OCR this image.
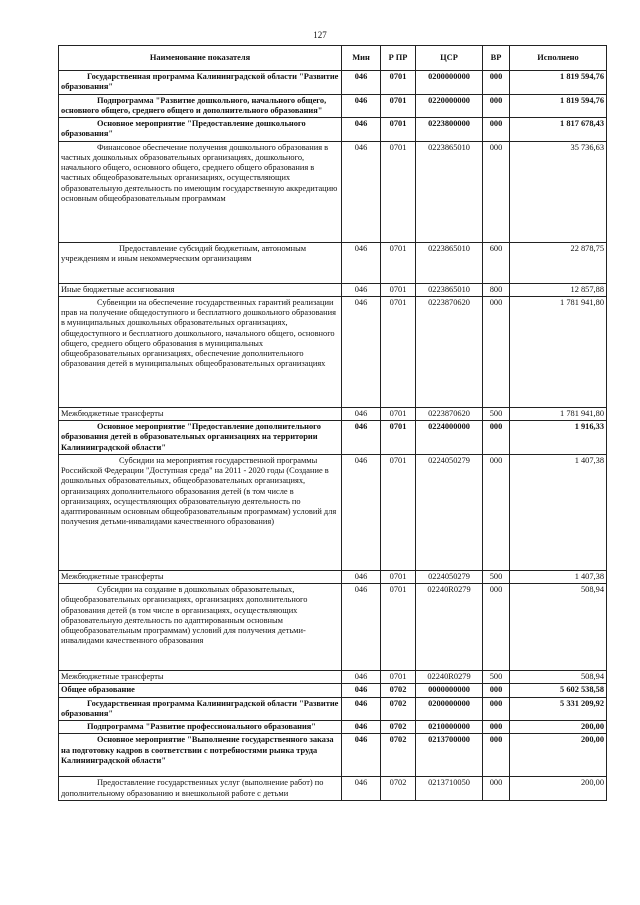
127
Наименование показателя	Мин	Р ПР	ЦСР	ВР	Исполнено
Государственная программа Калининградской области "Развитие образования"	046	0701	0200000000	000	1 819 594,76
Подпрограмма "Развитие дошкольного, начального общего, основного общего, среднего общего и дополнительного образования"	046	0701	0220000000	000	1 819 594,76
Основное мероприятие "Предоставление дошкольного образования"	046	0701	0223800000	000	1 817 678,43
Финансовое обеспечение получения дошкольного образования в частных дошкольных образовательных организациях, дошкольного, начального общего, основного общего, среднего общего образования в частных общеобразовательных организациях, осуществляющих образовательную деятельность по имеющим государственную аккредитацию основным общеобразовательным программам	046	0701	0223865010	000	35 736,63
Предоставление субсидий бюджетным, автономным учреждениям и иным некоммерческим организациям	046	0701	0223865010	600	22 878,75
Иные бюджетные ассигнования	046	0701	0223865010	800	12 857,88
Субвенции на обеспечение государственных гарантий реализации прав на получение общедоступного и бесплатного дошкольного образования в муниципальных дошкольных образовательных организациях, общедоступного и бесплатного дошкольного, начального общего, основного общего, среднего общего образования в муниципальных общеобразовательных организациях, обеспечение дополнительного образования детей в муниципальных общеобразовательных организациях	046	0701	0223870620	000	1 781 941,80
Межбюджетные трансферты	046	0701	0223870620	500	1 781 941,80
Основное мероприятие "Предоставление дополнительного образования детей в образовательных организациях на территории Калининградской области"	046	0701	0224000000	000	1 916,33
Субсидии на мероприятия государственной программы Российской Федерации "Доступная среда" на 2011 - 2020 годы (Создание в дошкольных образовательных, общеобразовательных организациях, организациях дополнительного образования детей (в том числе в организациях, осуществляющих образовательную деятельность по адаптированным основным общеобразовательным программам) условий для получения детьми-инвалидами качественного образования)	046	0701	0224050279	000	1 407,38
Межбюджетные трансферты	046	0701	0224050279	500	1 407,38
Субсидии на создание в дошкольных образовательных, общеобразовательных организациях, организациях дополнительного образования детей (в том числе в организациях, осуществляющих образовательную деятельность по адаптированным основным общеобразовательным программам) условий для получения детьми-инвалидами качественного образования	046	0701	02240R0279	000	508,94
Межбюджетные трансферты	046	0701	02240R0279	500	508,94
Общее образование	046	0702	0000000000	000	5 602 538,58
Государственная программа Калининградской области "Развитие образования"	046	0702	0200000000	000	5 331 209,92
Подпрограмма "Развитие профессионального образования"	046	0702	0210000000	000	200,00
Основное мероприятие "Выполнение государственного заказа на подготовку кадров в соответствии с потребностями рынка труда Калининградской области"	046	0702	0213700000	000	200,00
Предоставление государственных услуг (выполнение работ) по дополнительному образованию и внешкольной работе с детьми	046	0702	0213710050	000	200,00
